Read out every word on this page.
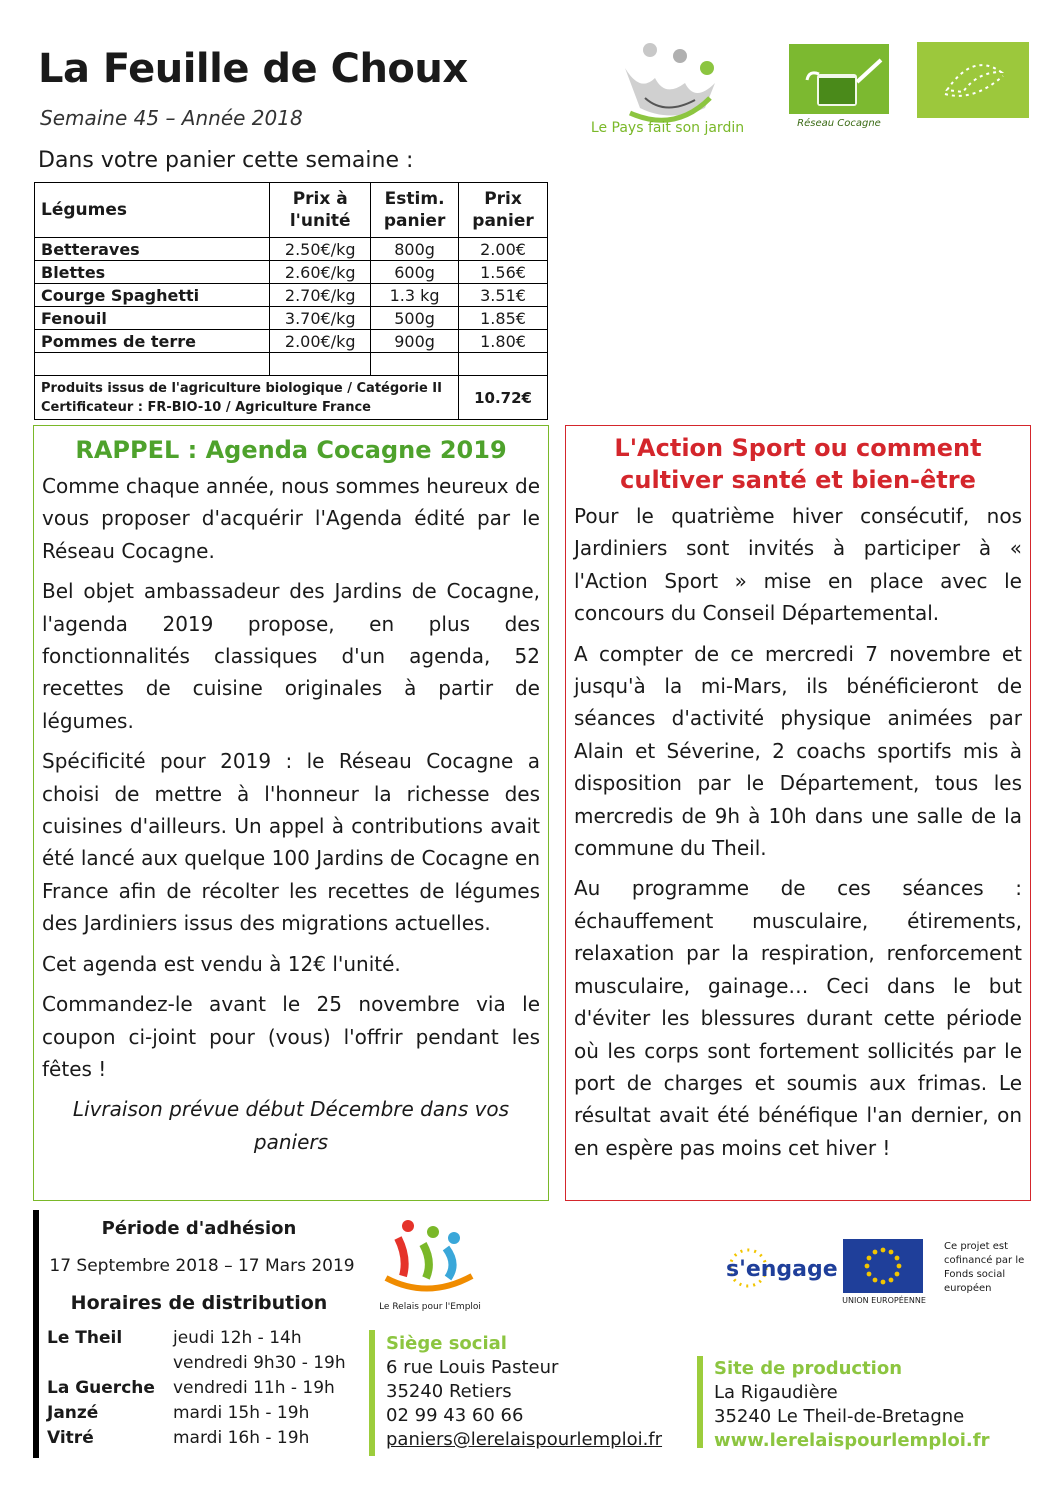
La Feuille de Choux
Semaine 45 – Année 2018
Dans votre panier cette semaine :
Le Pays fait son jardin	Réseau Cocagne
Légumes	Prix à l'unité	Estim. panier	Prix panier
Betteraves	2.50€/kg	800g	2.00€
Blettes	2.60€/kg	600g	1.56€
Courge Spaghetti	2.70€/kg	1.3 kg	3.51€
Fenouil	3.70€/kg	500g	1.85€
Pommes de terre	2.00€/kg	900g	1.80€

Produits issus de l'agriculture biologique / Catégorie II
Certificateur : FR-BIO-10 / Agriculture France			10.72€
RAPPEL : Agenda Cocagne 2019

Comme chaque année, nous sommes heureux de vous proposer d'acquérir l'Agenda édité par le Réseau Cocagne.

Bel objet ambassadeur des Jardins de Cocagne, l'agenda 2019 propose, en plus des fonctionnalités classiques d'un agenda, 52 recettes de cuisine originales à partir de légumes.

Spécificité pour 2019 : le Réseau Cocagne a choisi de mettre à l'honneur la richesse des cuisines d'ailleurs. Un appel à contributions avait été lancé aux quelque 100 Jardins de Cocagne en France afin de récolter les recettes de légumes des Jardiniers issus des migrations actuelles.

Cet agenda est vendu à 12€ l'unité.

Commandez-le avant le 25 novembre via le coupon ci-joint pour (vous) l'offrir pendant les fêtes !

Livraison prévue début Décembre dans vos paniers

L'Action Sport ou comment cultiver santé et bien-être

Pour le quatrième hiver consécutif, nos Jardiniers sont invités à participer à « l'Action Sport » mise en place avec le concours du Conseil Départemental.

A compter de ce mercredi 7 novembre et jusqu'à la mi-Mars, ils bénéficieront de séances d'activité physique animées par Alain et Séverine, 2 coachs sportifs mis à disposition par le Département, tous les mercredis de 9h à 10h dans une salle de la commune du Theil.

Au programme de ces séances : échauffement musculaire, étirements, relaxation par la respiration, renforcement musculaire, gainage… Ceci dans le but d'éviter les blessures durant cette période où les corps sont fortement sollicités par le port de charges et soumis aux frimas. Le résultat avait été bénéfique l'an dernier, on en espère pas moins cet hiver !

Période d'adhésion
17 Septembre 2018 – 17 Mars 2019
Horaires de distribution
Le Theil	jeudi 12h - 14h
vendredi 9h30 - 19h
La Guerche	vendredi 11h - 19h
Janzé	mardi 15h - 19h
Vitré	mardi 16h - 19h
Le Relais pour l'Emploi
s'engage
UNION EUROPÉENNE
Ce projet est cofinancé par le Fonds social européen
Siège social
6 rue Louis Pasteur
35240 Retiers
02 99 43 60 66
paniers@lerelaispourlemploi.fr
Site de production
La Rigaudière
35240 Le Theil-de-Bretagne
www.lerelaispourlemploi.fr
